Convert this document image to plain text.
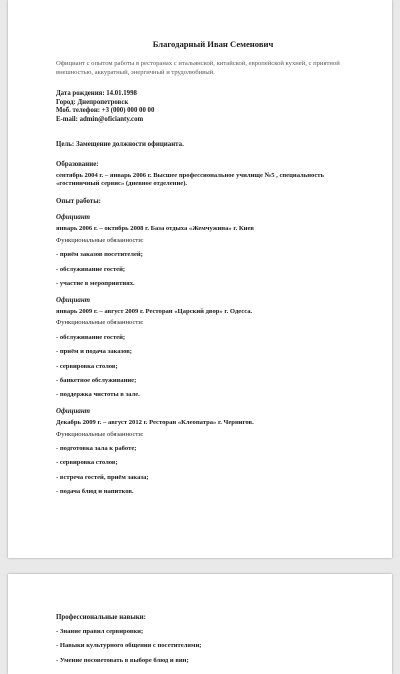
Благодарный Иван Семенович
Официант с опытом работы в ресторанах с итальянской, китайской, европейской кухней, с приятной внешностью, аккуратный, энергичный и трудолюбивый.
Дата рождения: 14.01.1998
Город: Днепропетровск
Моб. телефон: +3 (000) 000 00 00
E-mail: admin@oficianty.com
Цель: Замещение должности официанта.
Образование:
сентябрь 2004 г. – январь 2006 г. Высшее профессиональное училище №5 , специальность
«гостиничный сервис» (дневное отделение).
Опыт работы:
Официант
январь 2006 г. – октябрь 2008 г. База отдыха «Жемчужина» г. Киев
Функциональные обязанности:
- приём заказов посетителей;
- обслуживание гостей;
- участие в мероприятиях.
Официант
январь 2009 г. – август 2009 г. Ресторан «Царский двор» г. Одесса.
Функциональные обязанности:
- обслуживание гостей;
- приём и подача заказов;
- сервировка столов;
- банкетное обслуживание;
- поддержка чистоты в зале.
Официант
Декабрь 2009 г. – август 2012 г. Ресторан «Клеопатра» г. Чернигов.
Функциональные обязанности:
- подготовка зала к работе;
- сервировка столов;
- встреча гостей, приём заказа;
- подача блюд и напитков.
Профессиональные навыки:
- Знание правил сервировки;
- Навыки культурного общения с посетителями;
- Умение посоветовать в выборе блюд и вин;
